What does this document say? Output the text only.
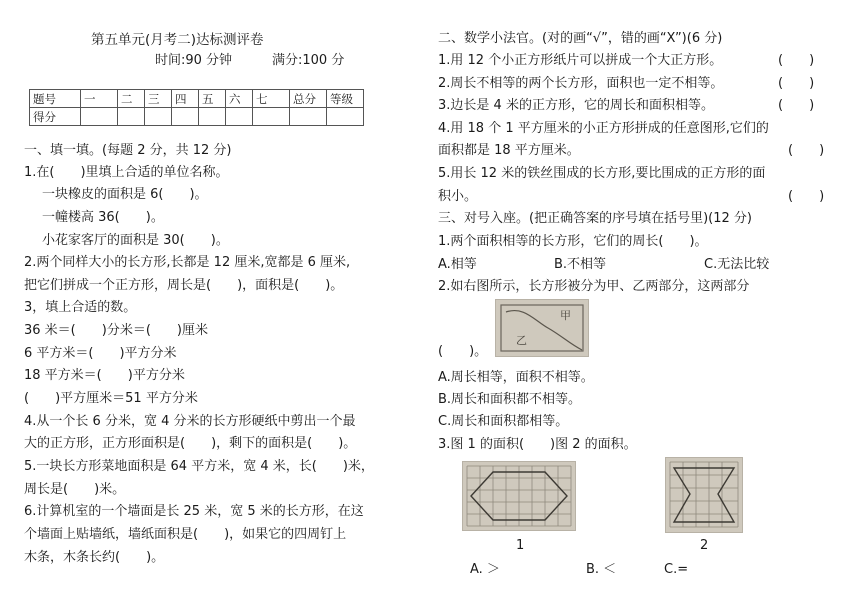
第五单元(月考二)达标测评卷
时间:90 分钟	满分:100 分
题号	一	二	三	四	五	六	七	总分	等级
得分									
一、填一填。(每题 2 分，共 12 分)
1.在(　　)里填上合适的单位名称。
一块橡皮的面积是 6(　　)。
一幢楼高 36(　　)。
小花家客厅的面积是 30(　　)。
2.两个同样大小的长方形,长都是 12 厘米,宽都是 6 厘米,
把它们拼成一个正方形，周长是(　　)，面积是(　　)。
3，填上合适的数。
36 米＝(　　)分米＝(　　)厘米
6 平方米＝(　　)平方分米
18 平方米＝(　　)平方分米
(　　)平方厘米＝51 平方分米
4.从一个长 6 分米，宽 4 分米的长方形硬纸中剪出一个最
大的正方形，正方形面积是(　　)，剩下的面积是(　　)。
5.一块长方形菜地面积是 64 平方米，宽 4 米，长(　　)米，
周长是(　　)米。
6.计算机室的一个墙面是长 25 米，宽 5 米的长方形，在这
个墙面上贴墙纸，墙纸面积是(　　)，如果它的四周钉上
木条，木条长约(　　)。
二、数学小法官。(对的画“√”，错的画“X”)(6 分)
1.用 12 个小正方形纸片可以拼成一个大正方形。	(　　)
2.周长不相等的两个长方形，面积也一定不相等。	(　　)
3.边长是 4 米的正方形，它的周长和面积相等。	(　　)
4.用 18 个 1 平方厘米的小正方形拼成的任意图形,它们的
面积都是 18 平方厘米。	(　　)
5.用长 12 米的铁丝围成的长方形,要比围成的正方形的面
积小。	(　　)
三、对号入座。(把正确答案的序号填在括号里)(12 分)
1.两个面积相等的长方形，它们的周长(　　)。
A.相等	B.不相等	C.无法比较
2.如右图所示，长方形被分为甲、乙两部分，这两部分
甲
乙
(　　)。
A.周长相等，面积不相等。
B.周长和面积都不相等。
C.周长和面积都相等。
3.图 1 的面积(　　)图 2 的面积。
1	2
A. ＞	B. ＜	C.=
